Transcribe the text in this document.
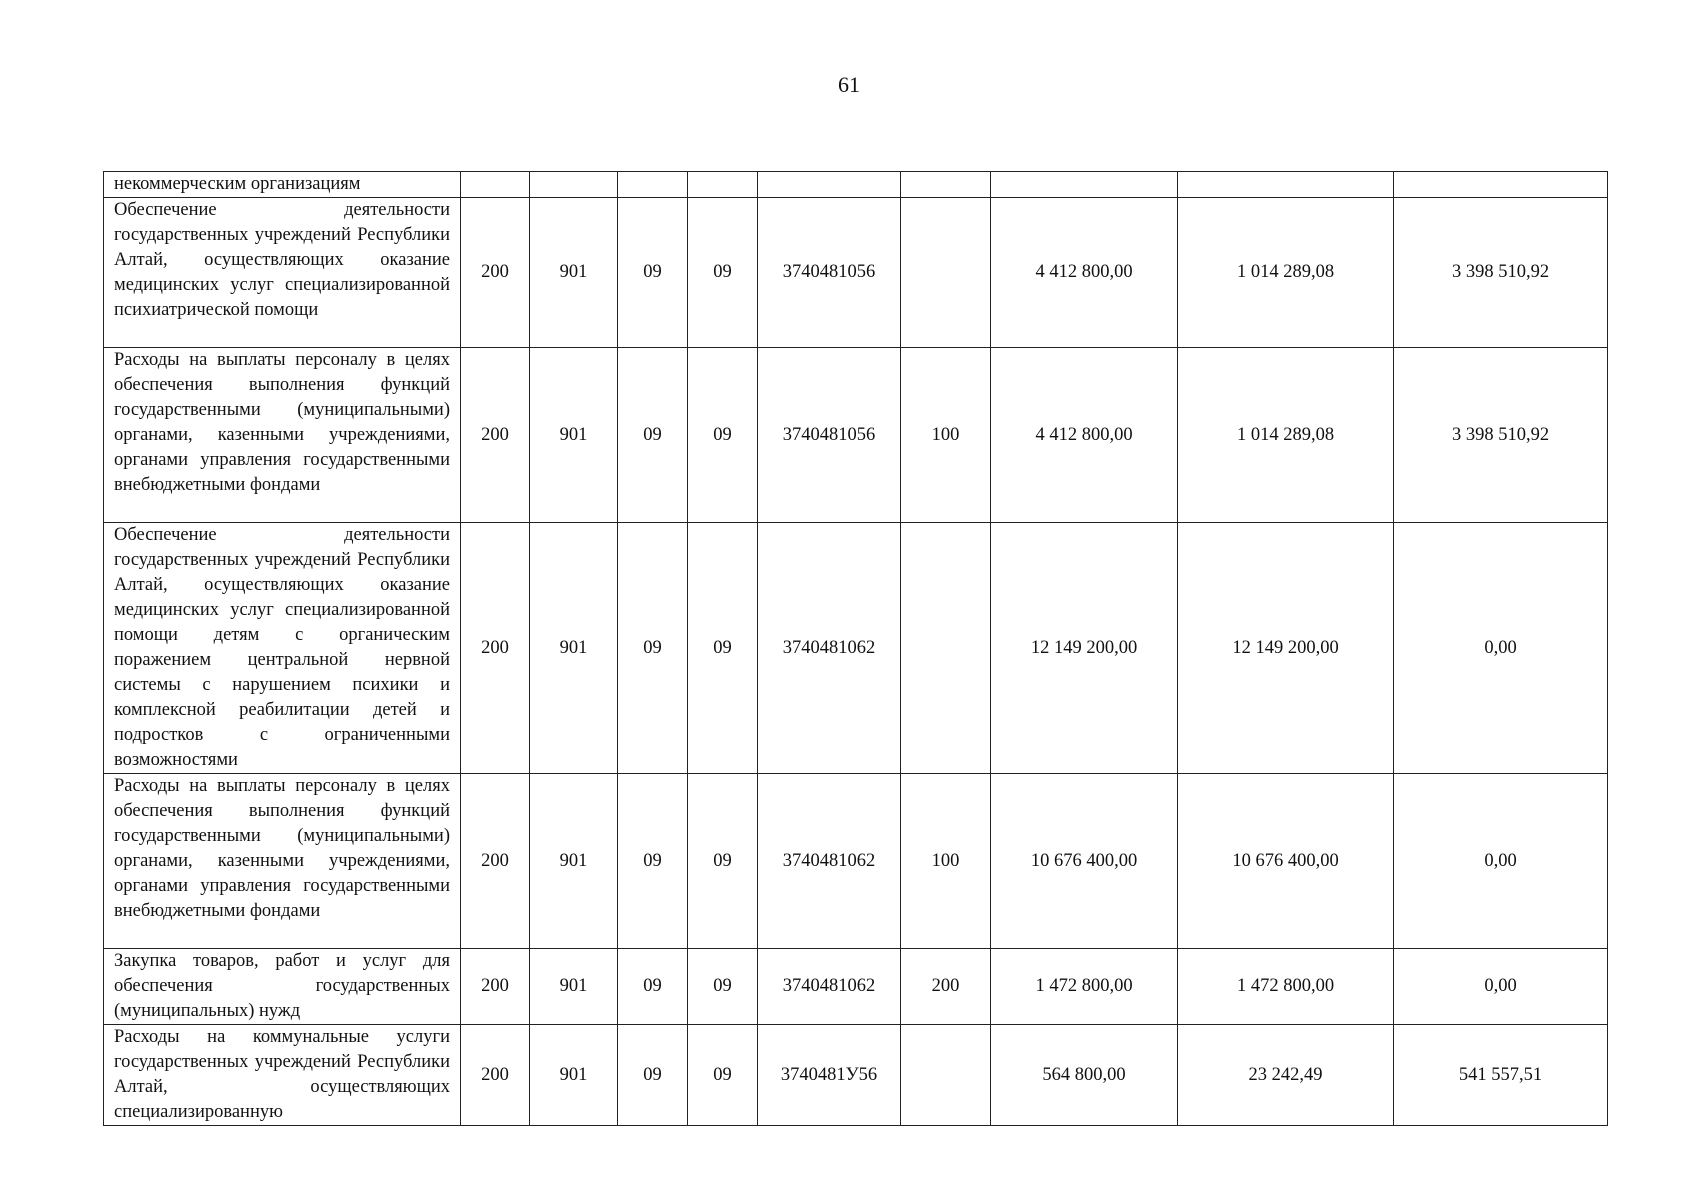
61
некоммерческим организациям									
Обеспечение деятельности государственных учреждений Республики Алтай, осуществляющих оказание медицинских услуг специализированной психиатрической помощи	200	901	09	09	3740481056		4 412 800,00	1 014 289,08	3 398 510,92
Расходы на выплаты персоналу в целях обеспечения выполнения функций государственными (муниципальными) органами, казенными учреждениями, органами управления государственными внебюджетными фондами	200	901	09	09	3740481056	100	4 412 800,00	1 014 289,08	3 398 510,92
Обеспечение деятельности государственных учреждений Республики Алтай, осуществляющих оказание медицинских услуг специализированной помощи детям с органическим поражением центральной нервной системы с нарушением психики и комплексной реабилитации детей и подростков с ограниченными возможностями	200	901	09	09	3740481062		12 149 200,00	12 149 200,00	0,00
Расходы на выплаты персоналу в целях обеспечения выполнения функций государственными (муниципальными) органами, казенными учреждениями, органами управления государственными внебюджетными фондами	200	901	09	09	3740481062	100	10 676 400,00	10 676 400,00	0,00
Закупка товаров, работ и услуг для обеспечения государственных (муниципальных) нужд	200	901	09	09	3740481062	200	1 472 800,00	1 472 800,00	0,00
Расходы на коммунальные услуги государственных учреждений Республики Алтай, осуществляющих специализированную	200	901	09	09	3740481У56		564 800,00	23 242,49	541 557,51
